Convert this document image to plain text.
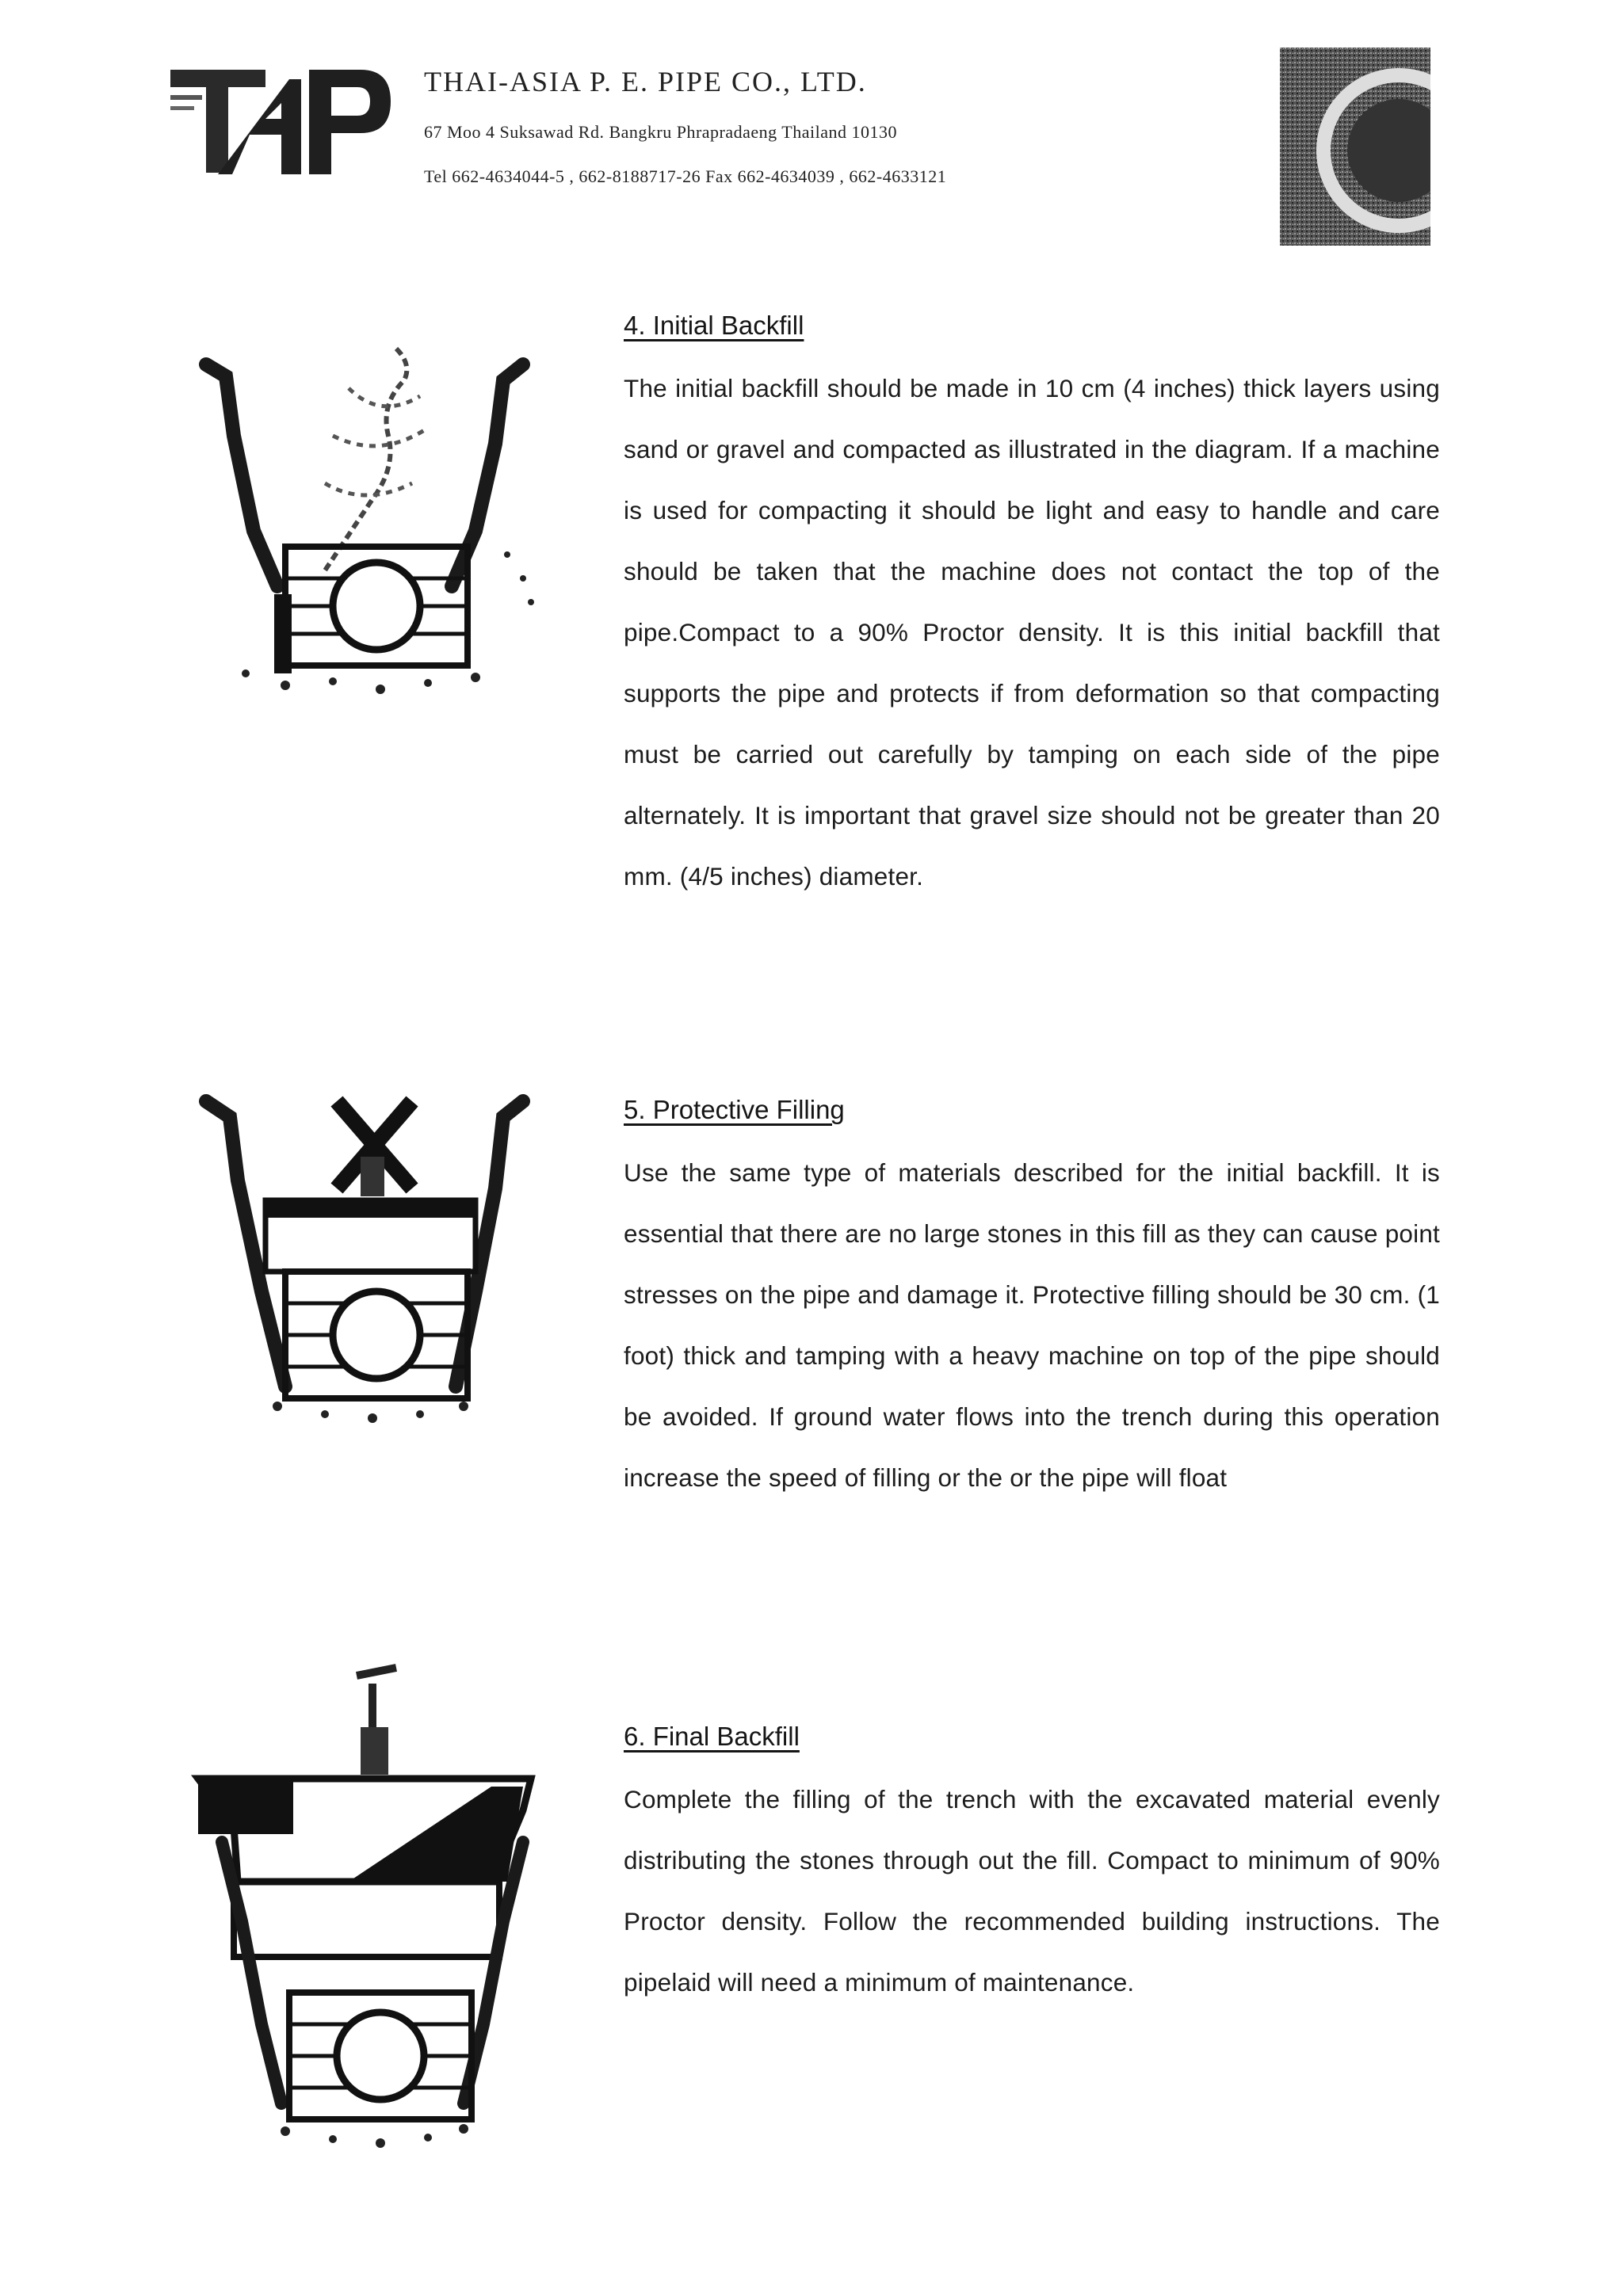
THAI-ASIA P. E. PIPE CO., LTD.
67 Moo 4 Suksawad Rd. Bangkru Phrapradaeng Thailand 10130
Tel 662-4634044-5 , 662-8188717-26 Fax 662-4634039 , 662-4633121
4. Initial Backfill

The initial backfill should be made in 10 cm (4 inches) thick layers using sand or gravel and compacted as illustrated in the diagram. If a machine is used for compacting it should be light and easy to handle and care should be taken that the machine does not contact the top of the pipe.Compact to a 90% Proctor density. It is this initial backfill that supports the pipe and protects if from deformation so that compacting must be carried out carefully by tamping on each side of the pipe alternately. It is important that gravel size should not be greater than 20 mm. (4/5 inches) diameter.

5. Protective Filling

Use the same type of materials described for the initial backfill. It is essential that there are no large stones in this fill as they can cause point stresses on the pipe and damage it. Protective filling should be 30 cm. (1 foot) thick and tamping with a heavy machine on top of the pipe should be avoided. If ground water flows into the trench during this operation increase the speed of filling or the or the pipe will float

6. Final Backfill

Complete the filling of the trench with the excavated material evenly distributing the stones through out the fill. Compact to minimum of 90% Proctor density. Follow the recommended building instructions. The pipelaid will need a minimum of maintenance.
